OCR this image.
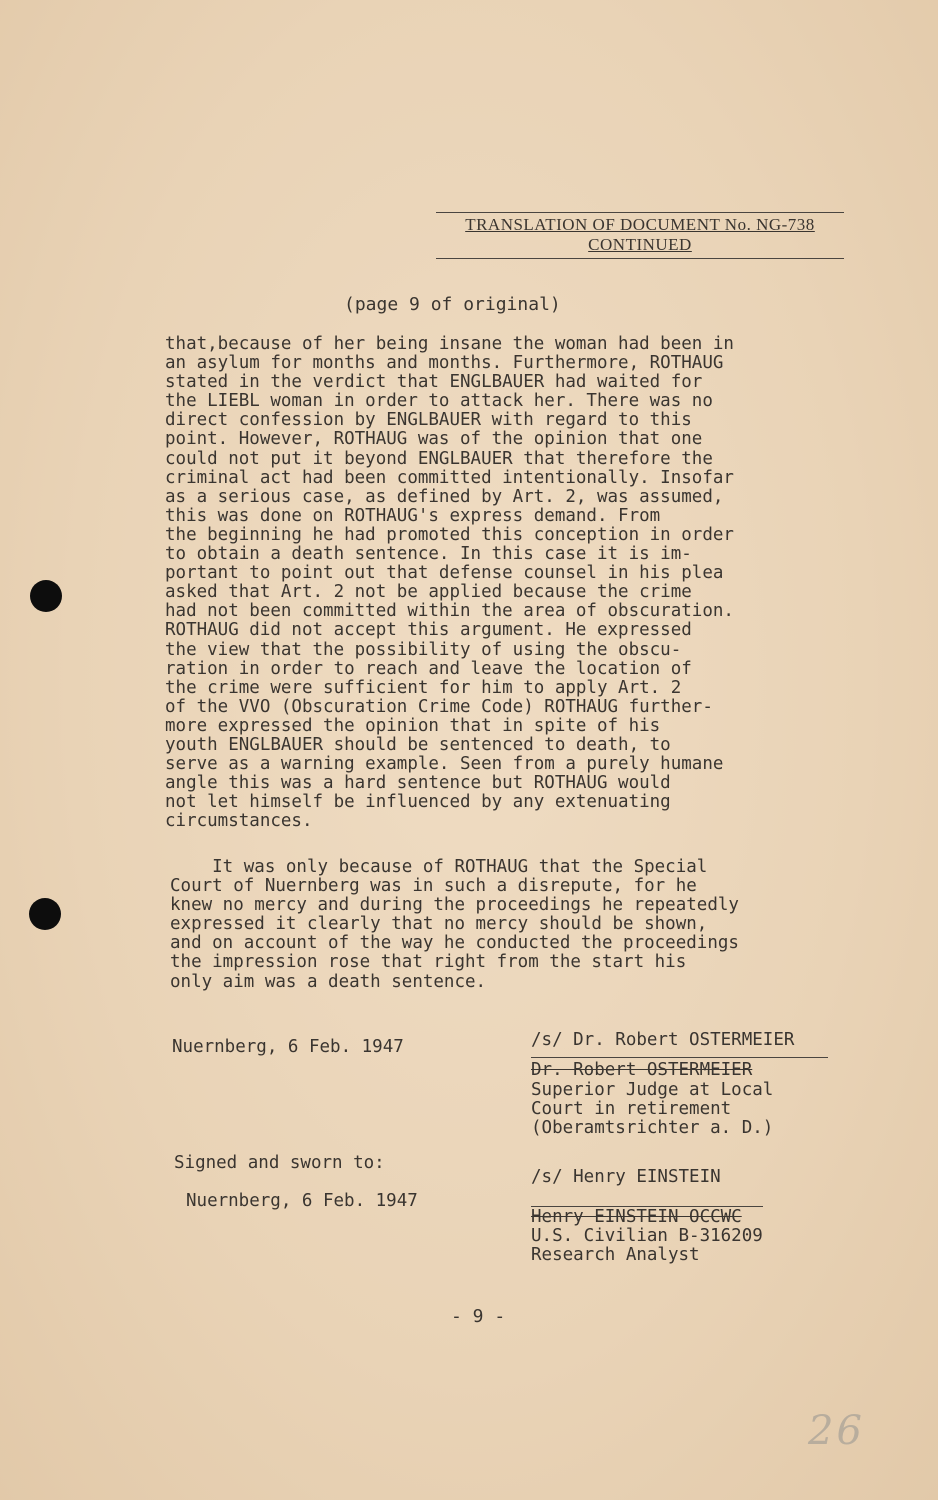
TRANSLATION OF DOCUMENT No. NG-738
CONTINUED
(page 9 of original)
that,because of her being insane the woman had been in
an asylum for months and months. Furthermore, ROTHAUG
stated in the verdict that ENGLBAUER had waited for
the LIEBL woman in order to attack her. There was no
direct confession by ENGLBAUER with regard to this
point. However, ROTHAUG was of the opinion that one
could not put it beyond ENGLBAUER that therefore the
criminal act had been committed intentionally. Insofar
as a serious case, as defined by Art. 2, was assumed,
this was done on ROTHAUG's express demand. From
the beginning he had promoted this conception in order
to obtain a death sentence. In this case it is im-
portant to point out that defense counsel in his plea
asked that Art. 2 not be applied because the crime
had not been committed within the area of obscuration.
ROTHAUG did not accept this argument. He expressed
the view that the possibility of using the obscu-
ration in order to reach and leave the location of
the crime were sufficient for him to apply Art. 2
of the VVO (Obscuration Crime Code) ROTHAUG further-
more expressed the opinion that in spite of his
youth ENGLBAUER should be sentenced to death, to
serve as a warning example. Seen from a purely humane
angle this was a hard sentence but ROTHAUG would
not let himself be influenced by any extenuating
circumstances.
It was only because of ROTHAUG that the Special
Court of Nuernberg was in such a disrepute, for he
knew no mercy and during the proceedings he repeatedly
expressed it clearly that no mercy should be shown,
and on account of the way he conducted the proceedings
the impression rose that right from the start his
only aim was a death sentence.
Nuernberg, 6 Feb. 1947	/s/ Dr. Robert OSTERMEIER
Dr. Robert OSTERMEIER
Superior Judge at Local
Court in retirement
(Oberamtsrichter a. D.)
Signed and sworn to:
Nuernberg, 6 Feb. 1947
/s/ Henry EINSTEIN
Henry EINSTEIN OCCWC
U.S. Civilian B-316209
Research Analyst
- 9 -
26
